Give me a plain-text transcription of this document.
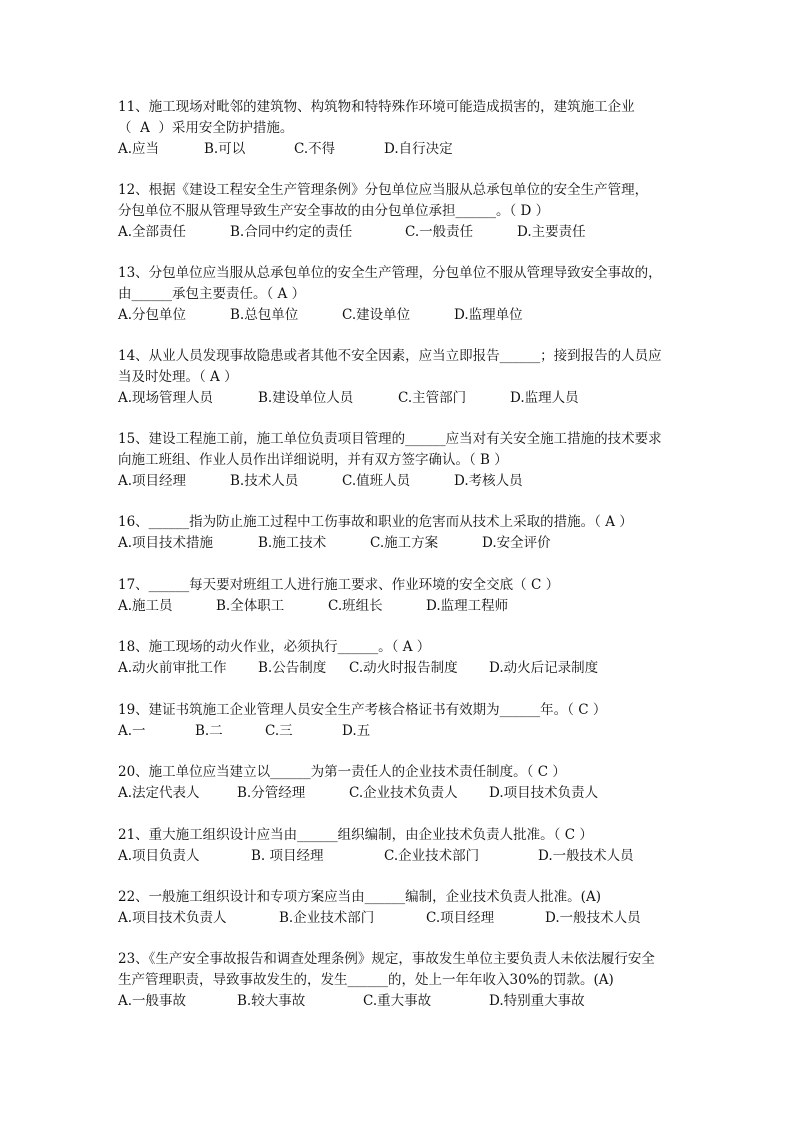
11、施工现场对毗邻的建筑物、构筑物和特特殊作环境可能造成损害的，建筑施工企业
（  A  ）采用安全防护措施。
A.应当	B.可以	C.不得	D.自行决定
12、根据《建设工程安全生产管理条例》分包单位应当服从总承包单位的安全生产管理，
分包单位不服从管理导致生产安全事故的由分包单位承担______。（ D ）
A.全部责任	B.合同中约定的责任	C.一般责任	D.主要责任
13、分包单位应当服从总承包单位的安全生产管理，分包单位不服从管理导致安全事故的，
由______承包主要责任。（ A ）
A.分包单位	B.总包单位	C.建设单位	D.监理单位
14、从业人员发现事故隐患或者其他不安全因素，应当立即报告______；接到报告的人员应
当及时处理。（ A ）
A.现场管理人员	B.建设单位人员	C.主管部门	D.监理人员
15、建设工程施工前，施工单位负责项目管理的______应当对有关安全施工措施的技术要求
向施工班组、作业人员作出详细说明，并有双方签字确认。（ B ）
A.项目经理	B.技术人员	C.值班人员	D.考核人员
16、______指为防止施工过程中工伤事故和职业的危害而从技术上采取的措施。（ A ）
A.项目技术措施	B.施工技术	C.施工方案	D.安全评价
17、______每天要对班组工人进行施工要求、作业环境的安全交底（ C ）
A.施工员	B.全体职工	C.班组长	D.监理工程师
18、施工现场的动火作业，必须执行______。（ A ）
A.动火前审批工作 B.公告制度 C.动火时报告制度 D.动火后记录制度
19、建证书筑施工企业管理人员安全生产考核合格证书有效期为______年。（ C ）
A.一	B.二	C.三	D.五
20、施工单位应当建立以______为第一责任人的企业技术责任制度。（ C ）
A.法定代表人	B.分管经理	C.企业技术负责人 D.项目技术负责人
21、重大施工组织设计应当由______组织编制，由企业技术负责人批准。（ C ）
A.项目负责人	B. 项目经理	C.企业技术部门	D.一般技术人员
22、一般施工组织设计和专项方案应当由______编制，企业技术负责人批准。(A)
A.项目技术负责人	B.企业技术部门	C.项目经理	D.一般技术人员
23、《生产安全事故报告和调查处理条例》规定，事故发生单位主要负责人未依法履行安全
生产管理职责，导致事故发生的，发生______的，处上一年年收入30%的罚款。(A)
A.一般事故	B.较大事故	C.重大事故	D.特别重大事故
